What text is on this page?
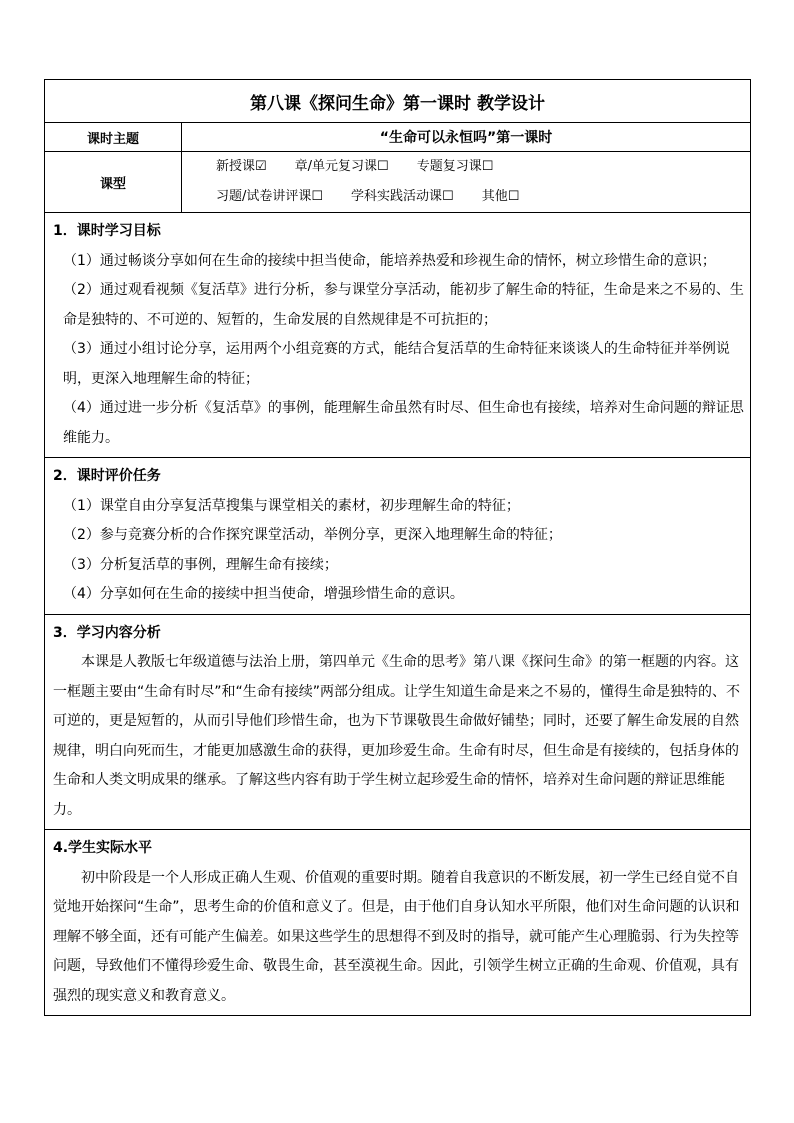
第八课《探问生命》第一课时 教学设计	
课时主题	“生命可以永恒吗”第一课时
课型	新授课☑ 章/单元复习课☐ 专题复习课☐
习题/试卷讲评课☐ 学科实践活动课☐ 其他☐

1．课时学习目标
（1）通过畅谈分享如何在生命的接续中担当使命，能培养热爱和珍视生命的情怀，树立珍惜生命的意识；
（2）通过观看视频《复活草》进行分析，参与课堂分享活动，能初步了解生命的特征，生命是来之不易的、生命是独特的、不可逆的、短暂的，生命发展的自然规律是不可抗拒的；
（3）通过小组讨论分享，运用两个小组竞赛的方式，能结合复活草的生命特征来谈谈人的生命特征并举例说明，更深入地理解生命的特征；
（4）通过进一步分析《复活草》的事例，能理解生命虽然有时尽、但生命也有接续，培养对生命问题的辩证思维能力。	

2．课时评价任务
（1）课堂自由分享复活草搜集与课堂相关的素材，初步理解生命的特征；
（2）参与竞赛分析的合作探究课堂活动，举例分享，更深入地理解生命的特征；
（3）分析复活草的事例，理解生命有接续；
（4）分享如何在生命的接续中担当使命，增强珍惜生命的意识。	

3．学习内容分析
本课是人教版七年级道德与法治上册，第四单元《生命的思考》第八课《探问生命》的第一框题的内容。这一框题主要由“生命有时尽”和“生命有接续”两部分组成。让学生知道生命是来之不易的，懂得生命是独特的、不可逆的，更是短暂的，从而引导他们珍惜生命，也为下节课敬畏生命做好铺垫；同时，还要了解生命发展的自然规律，明白向死而生，才能更加感激生命的获得，更加珍爱生命。生命有时尽，但生命是有接续的，包括身体的生命和人类文明成果的继承。了解这些内容有助于学生树立起珍爱生命的情怀，培养对生命问题的辩证思维能力。	

4.学生实际水平
初中阶段是一个人形成正确人生观、价值观的重要时期。随着自我意识的不断发展，初一学生已经自觉不自觉地开始探问“生命”，思考生命的价值和意义了。但是，由于他们自身认知水平所限，他们对生命问题的认识和理解不够全面，还有可能产生偏差。如果这些学生的思想得不到及时的指导，就可能产生心理脆弱、行为失控等问题，导致他们不懂得珍爱生命、敬畏生命，甚至漠视生命。因此，引领学生树立正确的生命观、价值观，具有强烈的现实意义和教育意义。	
